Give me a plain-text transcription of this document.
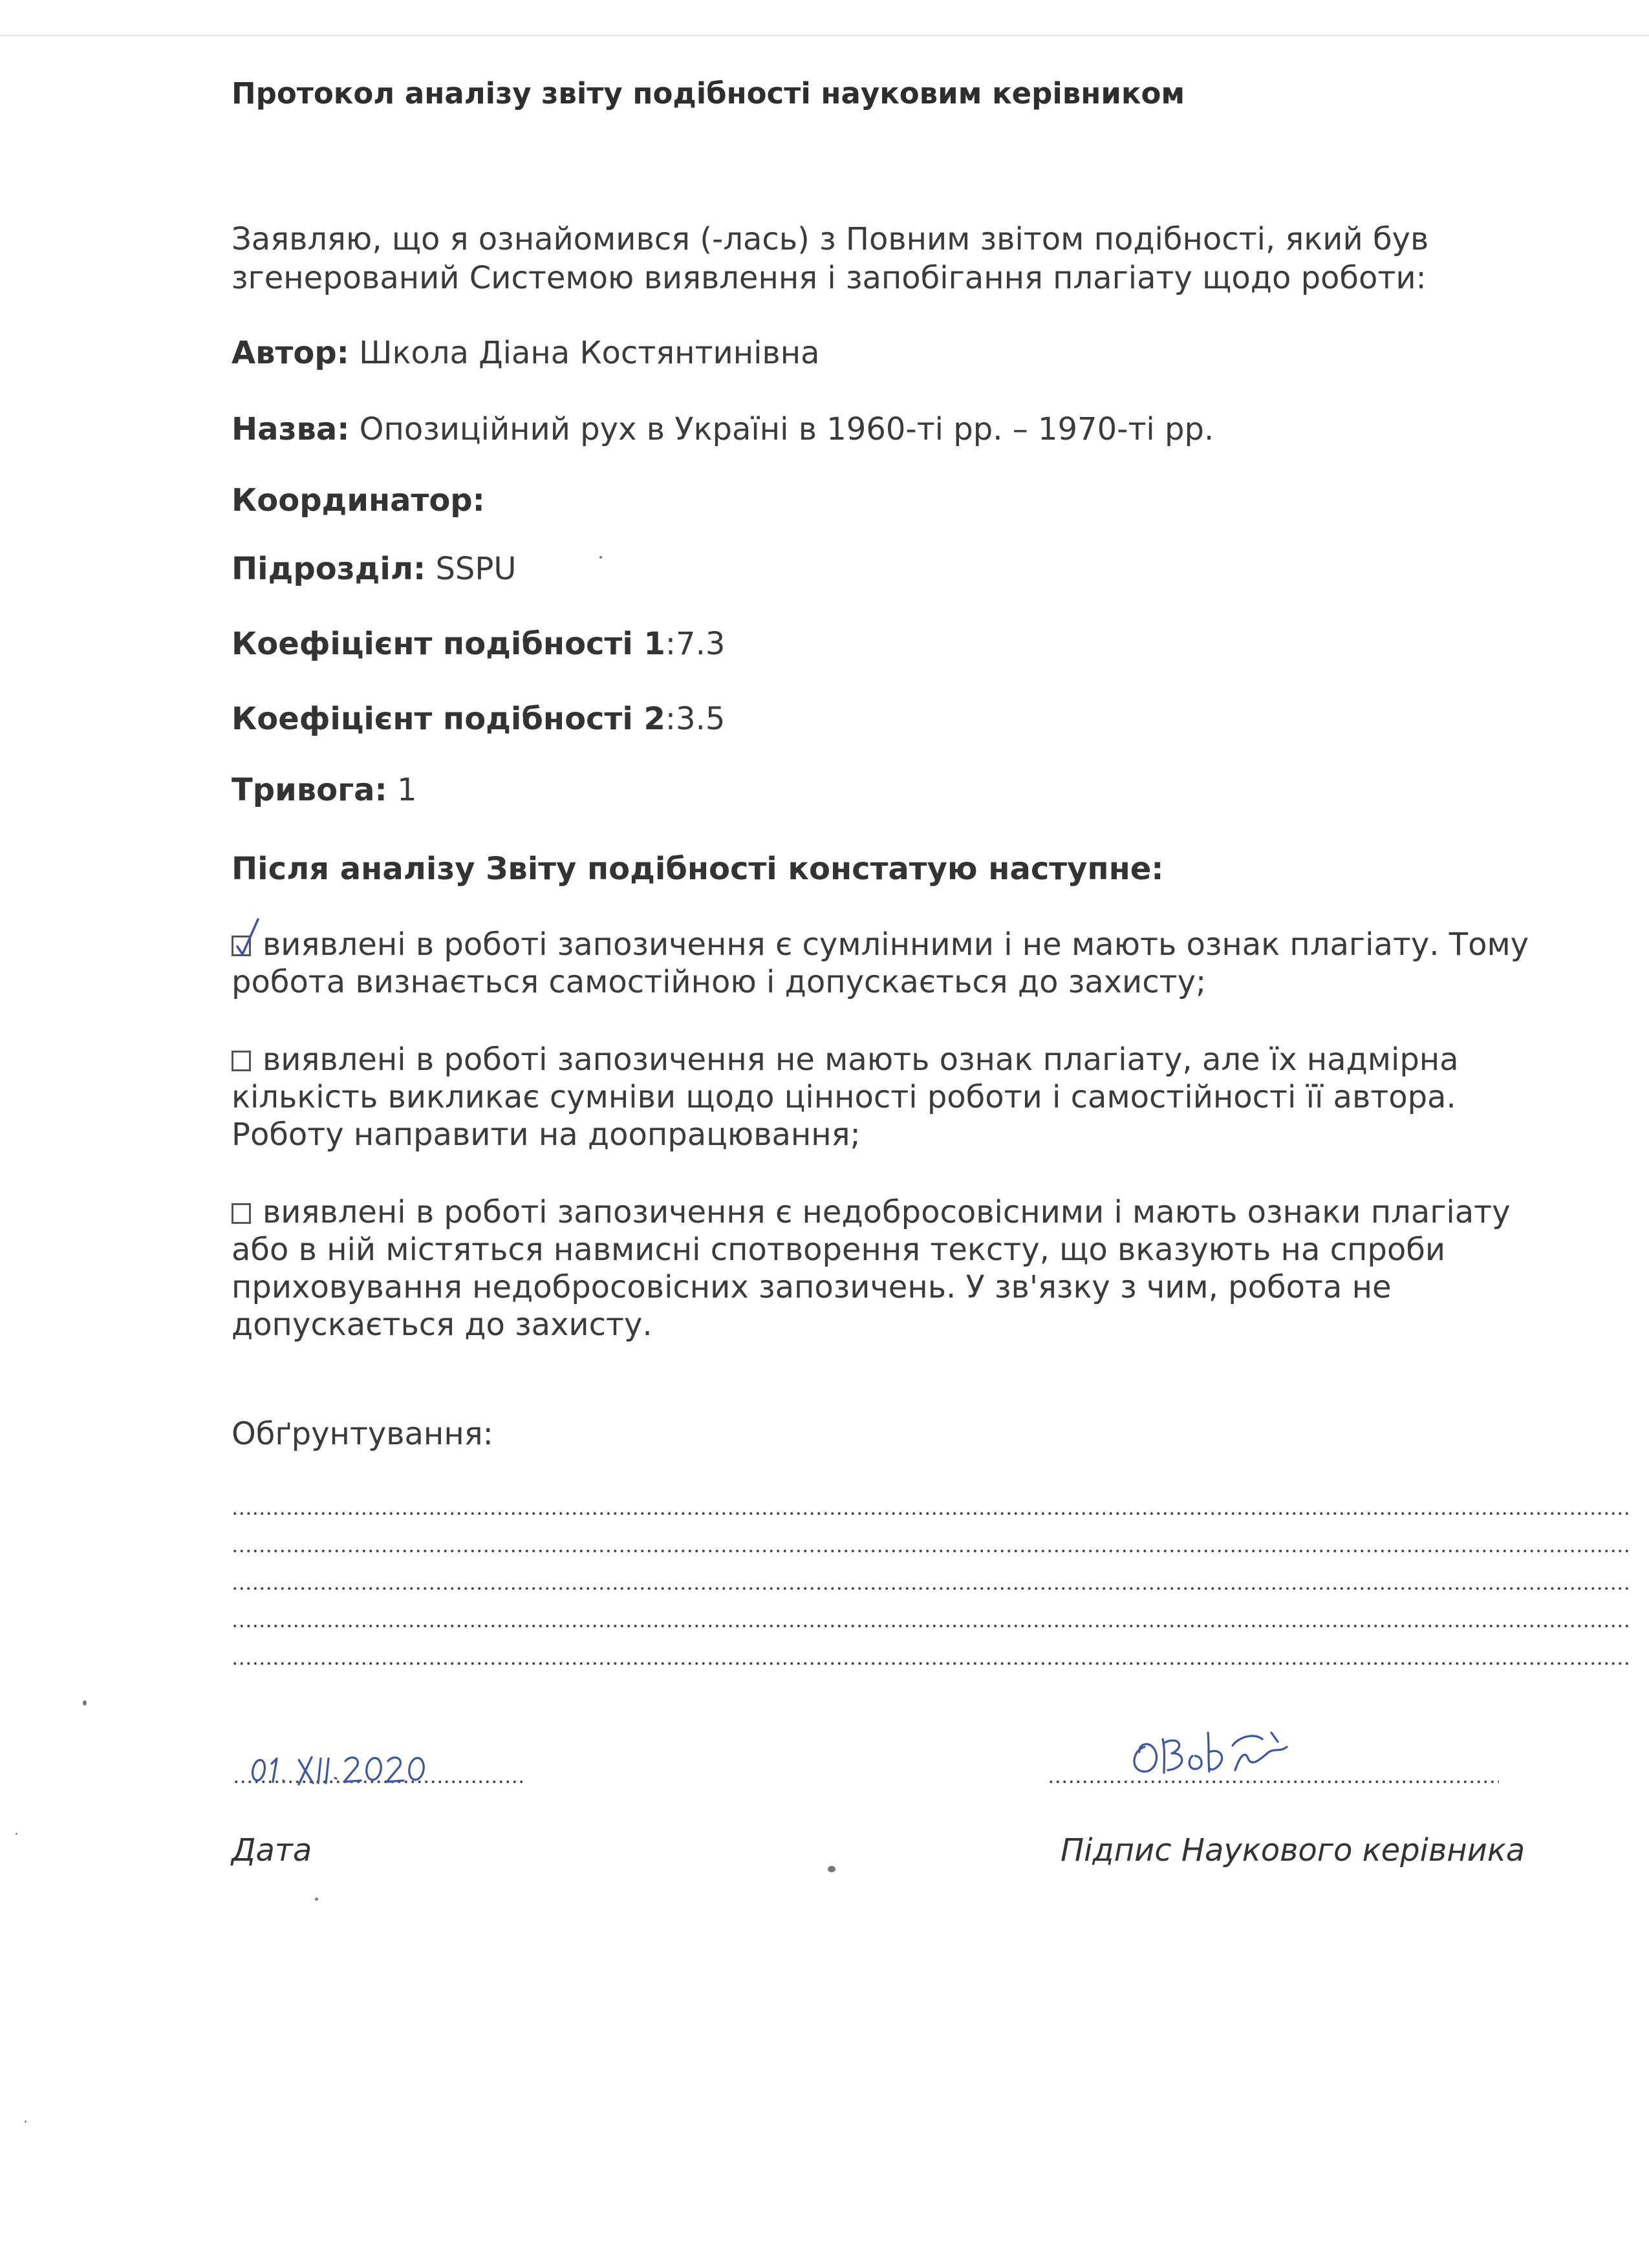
Протокол аналізу звіту подібності науковим керівником
Заявляю, що я ознайомився (-лась) з Повним звітом подібності, який був
згенерований Системою виявлення і запобігання плагіату щодо роботи:
Автор: Школа Діана Костянтинівна
Назва: Опозиційний рух в Україні в 1960-ті рр. – 1970-ті рр.
Координатор:
Підрозділ: SSPU
Коефіцієнт подібності 1:7.3
Коефіцієнт подібності 2:3.5
Тривога: 1
Після аналізу Звіту подібності констатую наступне:
виявлені в роботі запозичення є сумлінними і не мають ознак плагіату. Тому
робота визнається самостійною і допускається до захисту;
виявлені в роботі запозичення не мають ознак плагіату, але їх надмірна
кількість викликає сумніви щодо цінності роботи і самостійності її автора.
Роботу направити на доопрацювання;
виявлені в роботі запозичення є недобросовісними і мають ознаки плагіату
або в ній містяться навмисні спотворення тексту, що вказують на спроби
приховування недобросовісних запозичень. У зв'язку з чим, робота не
допускається до захисту.
Обґрунтування:
Дата	Підпис Наукового керівника
